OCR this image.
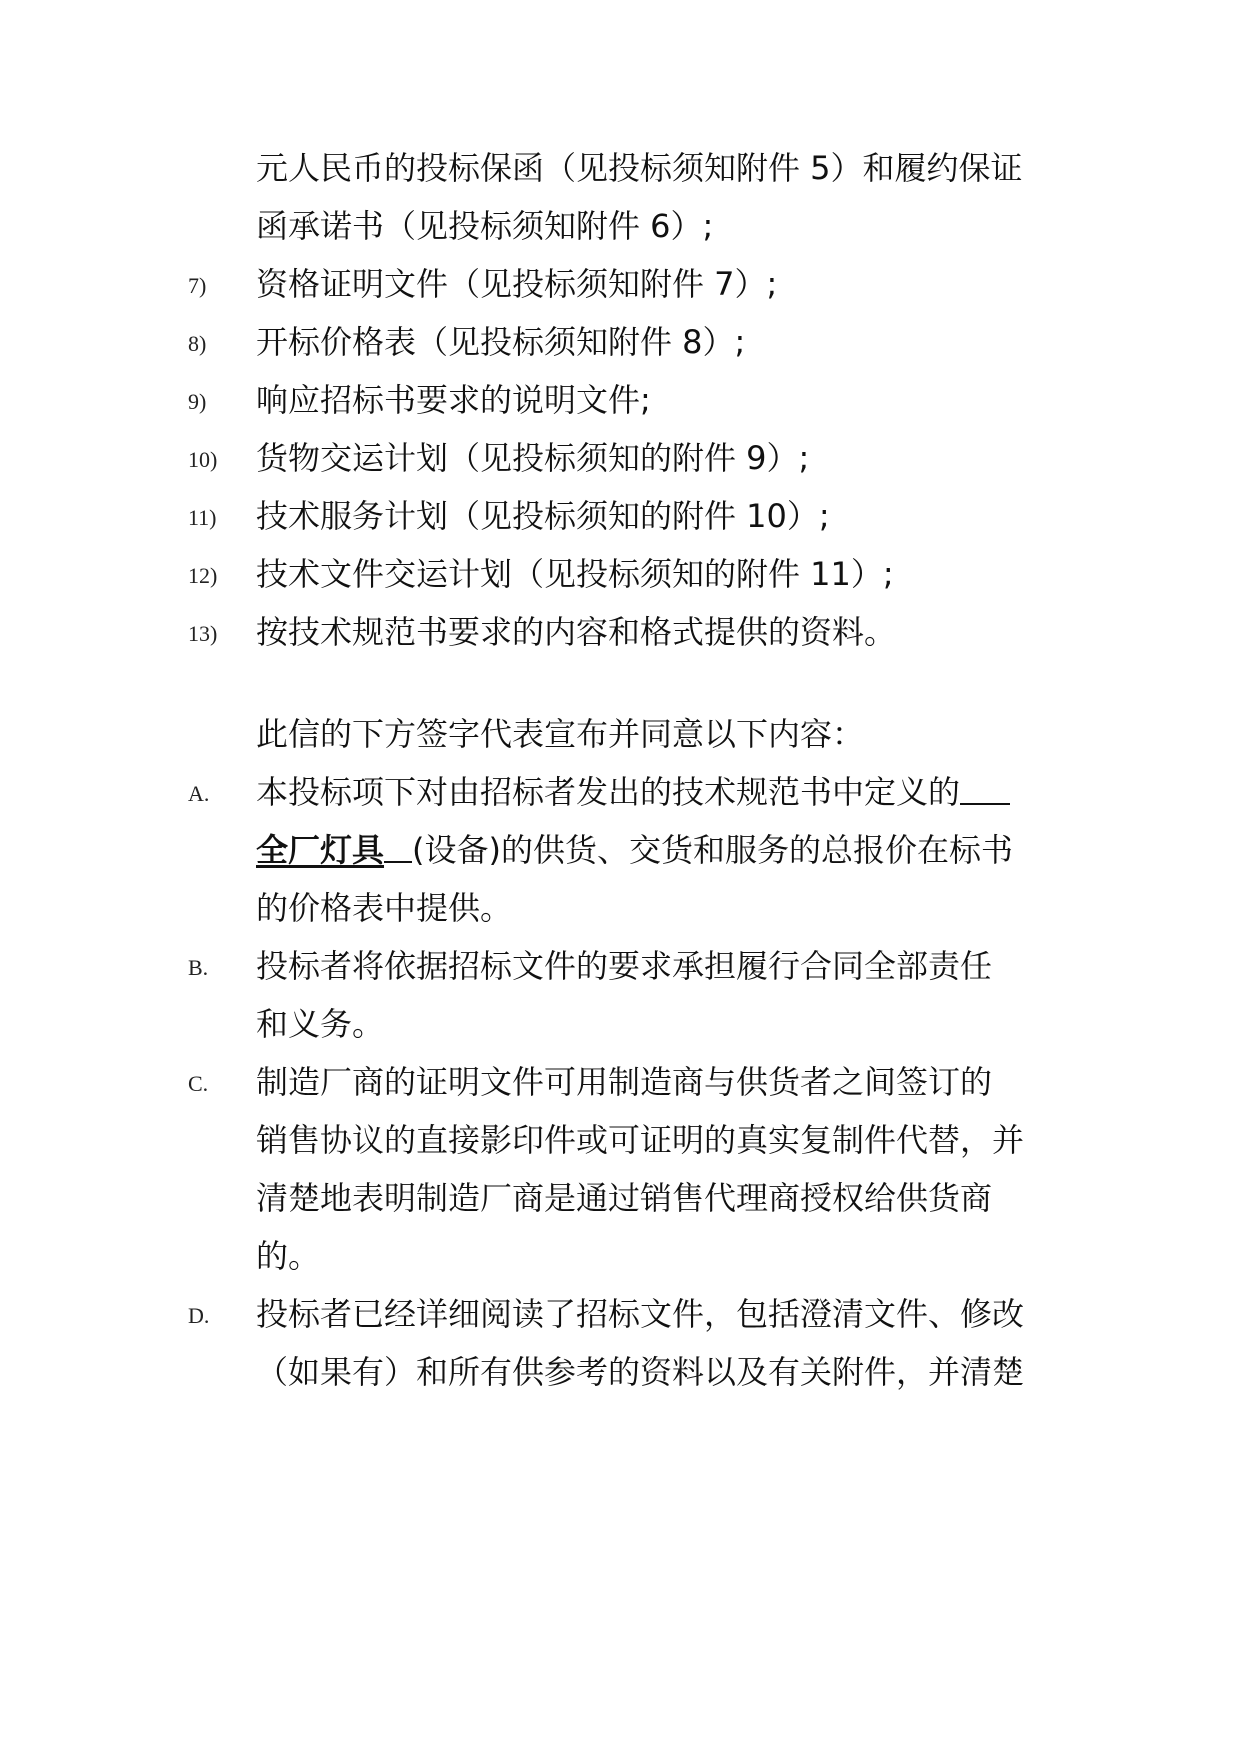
元人民币的投标保函（见投标须知附件 5）和履约保证
函承诺书（见投标须知附件 6）;
7) 资格证明文件（见投标须知附件 7）;
8) 开标价格表（见投标须知附件 8）;
9) 响应招标书要求的说明文件;
10) 货物交运计划（见投标须知的附件 9）;
11) 技术服务计划（见投标须知的附件 10）;
12) 技术文件交运计划（见投标须知的附件 11）;
13) 按技术规范书要求的内容和格式提供的资料。
此信的下方签字代表宣布并同意以下内容：
A. 本投标项下对由招标者发出的技术规范书中定义的
全厂灯具 (设备)的供货、交货和服务的总报价在标书
的价格表中提供。
B. 投标者将依据招标文件的要求承担履行合同全部责任
和义务。
C. 制造厂商的证明文件可用制造商与供货者之间签订的
销售协议的直接影印件或可证明的真实复制件代替，并
清楚地表明制造厂商是通过销售代理商授权给供货商
的。
D. 投标者已经详细阅读了招标文件，包括澄清文件、修改
（如果有）和所有供参考的资料以及有关附件，并清楚
